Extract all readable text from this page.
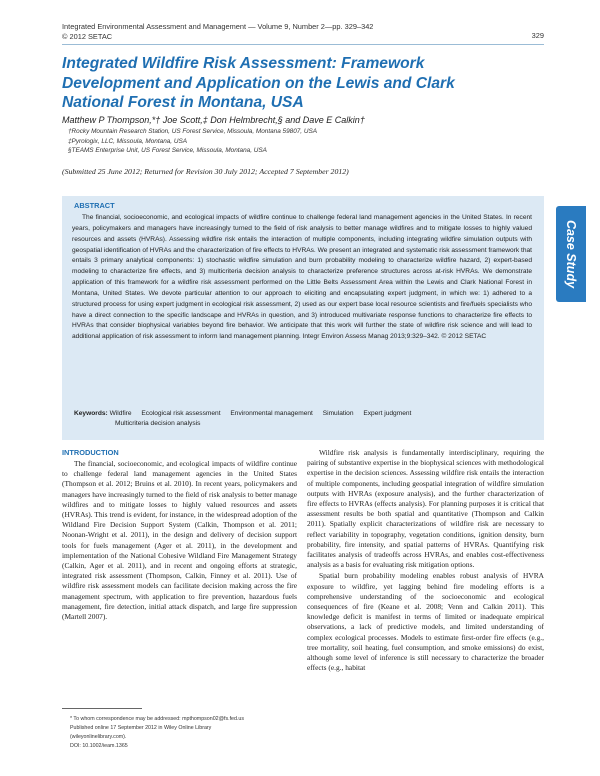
Integrated Environmental Assessment and Management — Volume 9, Number 2—pp. 329–342
© 2012 SETAC	329
Integrated Wildfire Risk Assessment: Framework Development and Application on the Lewis and Clark National Forest in Montana, USA
Matthew P Thompson,*† Joe Scott,‡ Don Helmbrecht,§ and Dave E Calkin†
†Rocky Mountain Research Station, US Forest Service, Missoula, Montana 59807, USA
‡Pyrologix, LLC, Missoula, Montana, USA
§TEAMS Enterprise Unit, US Forest Service, Missoula, Montana, USA
(Submitted 25 June 2012; Returned for Revision 30 July 2012; Accepted 7 September 2012)
ABSTRACT
The financial, socioeconomic, and ecological impacts of wildfire continue to challenge federal land management agencies in the United States. In recent years, policymakers and managers have increasingly turned to the field of risk analysis to better manage wildfires and to mitigate losses to highly valued resources and assets (HVRAs). Assessing wildfire risk entails the interaction of multiple components, including integrating wildfire simulation outputs with geospatial identification of HVRAs and the characterization of fire effects to HVRAs. We present an integrated and systematic risk assessment framework that entails 3 primary analytical components: 1) stochastic wildfire simulation and burn probability modeling to characterize wildfire hazard, 2) expert-based modeling to characterize fire effects, and 3) multicriteria decision analysis to characterize preference structures across at-risk HVRAs. We demonstrate application of this framework for a wildfire risk assessment performed on the Little Belts Assessment Area within the Lewis and Clark National Forest in Montana, United States. We devote particular attention to our approach to eliciting and encapsulating expert judgment, in which we: 1) adhered to a structured process for using expert judgment in ecological risk assessment, 2) used as our expert base local resource scientists and fire/fuels specialists who have a direct connection to the specific landscape and HVRAs in question, and 3) introduced multivariate response functions to characterize fire effects to HVRAs that consider biophysical variables beyond fire behavior. We anticipate that this work will further the state of wildfire risk science and will lead to additional application of risk assessment to inform land management planning. Integr Environ Assess Manag 2013;9:329–342. © 2012 SETAC
Keywords: Wildfire Ecological risk assessment Environmental management Simulation Expert judgment
Multicriteria decision analysis
Case Study
INTRODUCTION

The financial, socioeconomic, and ecological impacts of wildfire continue to challenge federal land management agencies in the United States (Thompson et al. 2012; Bruins et al. 2010). In recent years, policymakers and managers have increasingly turned to the field of risk analysis to better manage wildfires and to mitigate losses to highly valued resources and assets (HVRAs). This trend is evident, for instance, in the widespread adoption of the Wildland Fire Decision Support System (Calkin, Thompson et al. 2011; Noonan-Wright et al. 2011), in the design and delivery of decision support tools for fuels management (Ager et al. 2011), in the development and implementation of the National Cohesive Wildland Fire Management Strategy (Calkin, Ager et al. 2011), and in recent and ongoing efforts at strategic, integrated risk assessment (Thompson, Calkin, Finney et al. 2011). Use of wildfire risk assessment models can facilitate decision making across the fire management spectrum, with application to fire prevention, hazardous fuels management, fire detection, initial attack dispatch, and large fire suppression (Martell 2007).

Wildfire risk analysis is fundamentally interdisciplinary, requiring the pairing of substantive expertise in the biophysical sciences with methodological expertise in the decision sciences. Assessing wildfire risk entails the interaction of multiple components, including geospatial integration of wildfire simulation outputs with HVRAs (exposure analysis), and the further characterization of fire effects to HVRAs (effects analysis). For planning purposes it is critical that assessment results be both spatial and quantitative (Thompson and Calkin 2011). Spatially explicit characterizations of wildfire risk are necessary to reflect variability in topography, vegetation conditions, ignition density, burn probability, fire intensity, and spatial patterns of HVRAs. Quantifying risk facilitates analysis of tradeoffs across HVRAs, and enables cost-effectiveness analysis as a basis for evaluating risk mitigation options.

Spatial burn probability modeling enables robust analysis of HVRA exposure to wildfire, yet lagging behind fire modeling efforts is a comprehensive understanding of the socioeconomic and ecological consequences of fire (Keane et al. 2008; Venn and Calkin 2011). This knowledge deficit is manifest in terms of limited or inadequate empirical observations, a lack of predictive models, and limited understanding of complex ecological processes. Models to estimate first-order fire effects (e.g., tree mortality, soil heating, fuel consumption, and smoke emissions) do exist, although some level of inference is still necessary to characterize the broader effects (e.g., habitat

* To whom correspondence may be addressed: mpthompson02@fs.fed.us
Published online 17 September 2012 in Wiley Online Library
(wileyonlinelibrary.com).
DOI: 10.1002/ieam.1365
